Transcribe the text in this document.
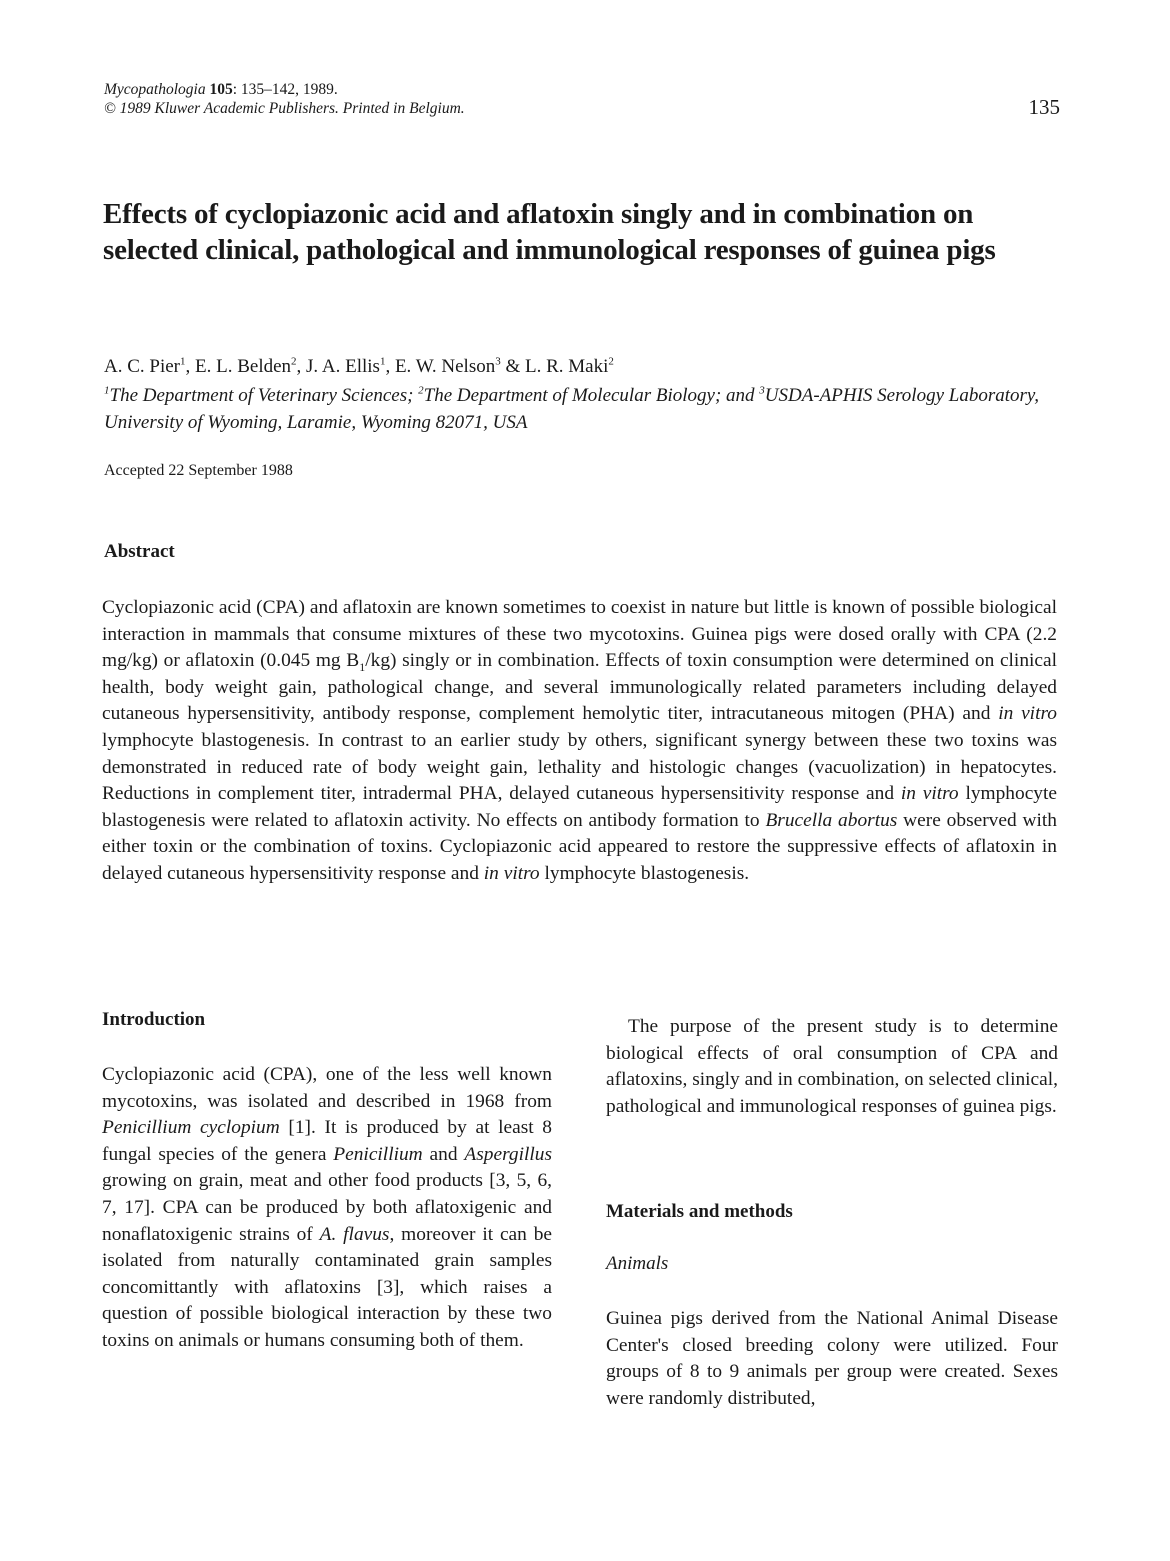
Mycopathologia 105: 135–142, 1989.
© 1989 Kluwer Academic Publishers. Printed in Belgium.	135
Effects of cyclopiazonic acid and aflatoxin singly and in combination on selected clinical, pathological and immunological responses of guinea pigs
A. C. Pier$^1$, E. L. Belden$^2$, J. A. Ellis$^1$, E. W. Nelson$^3$ & L. R. Maki$^2$
$^1$The Department of Veterinary Sciences; $^2$The Department of Molecular Biology; and $^3$USDA-APHIS Serology Laboratory, University of Wyoming, Laramie, Wyoming 82071, USA
Accepted 22 September 1988
Abstract

Cyclopiazonic acid (CPA) and aflatoxin are known sometimes to coexist in nature but little is known of possible biological interaction in mammals that consume mixtures of these two mycotoxins. Guinea pigs were dosed orally with CPA (2.2 mg/kg) or aflatoxin (0.045 mg $B_1/kg$) singly or in combination. Effects of toxin consumption were determined on clinical health, body weight gain, pathological change, and several immunologically related parameters including delayed cutaneous hypersensitivity, antibody response, complement hemolytic titer, intracutaneous mitogen (PHA) and in vitro lymphocyte blastogenesis. In contrast to an earlier study by others, significant synergy between these two toxins was demonstrated in reduced rate of body weight gain, lethality and histologic changes (vacuolization) in hepatocytes. Reductions in complement titer, intradermal PHA, delayed cutaneous hypersensitivity response and in vitro lymphocyte blastogenesis were related to aflatoxin activity. No effects on antibody formation to Brucella abortus were observed with either toxin or the combination of toxins. Cyclopiazonic acid appeared to restore the suppressive effects of aflatoxin in delayed cutaneous hypersensitivity response and in vitro lymphocyte blastogenesis.

Introduction

Cyclopiazonic acid (CPA), one of the less well known mycotoxins, was isolated and described in 1968 from Penicillium cyclopium [1]. It is produced by at least 8 fungal species of the genera Penicillium and Aspergillus growing on grain, meat and other food products [3, 5, 6, 7, 17]. CPA can be produced by both aflatoxigenic and nonaflatoxigenic strains of A. flavus, moreover it can be isolated from naturally contaminated grain samples concomittantly with aflatoxins [3], which raises a question of possible biological interaction by these two toxins on animals or humans consuming both of them.

The purpose of the present study is to determine biological effects of oral consumption of CPA and aflatoxins, singly and in combination, on selected clinical, pathological and immunological responses of guinea pigs.

Materials and methods
Animals

Guinea pigs derived from the National Animal Disease Center's closed breeding colony were utilized. Four groups of 8 to 9 animals per group were created. Sexes were randomly distributed,
